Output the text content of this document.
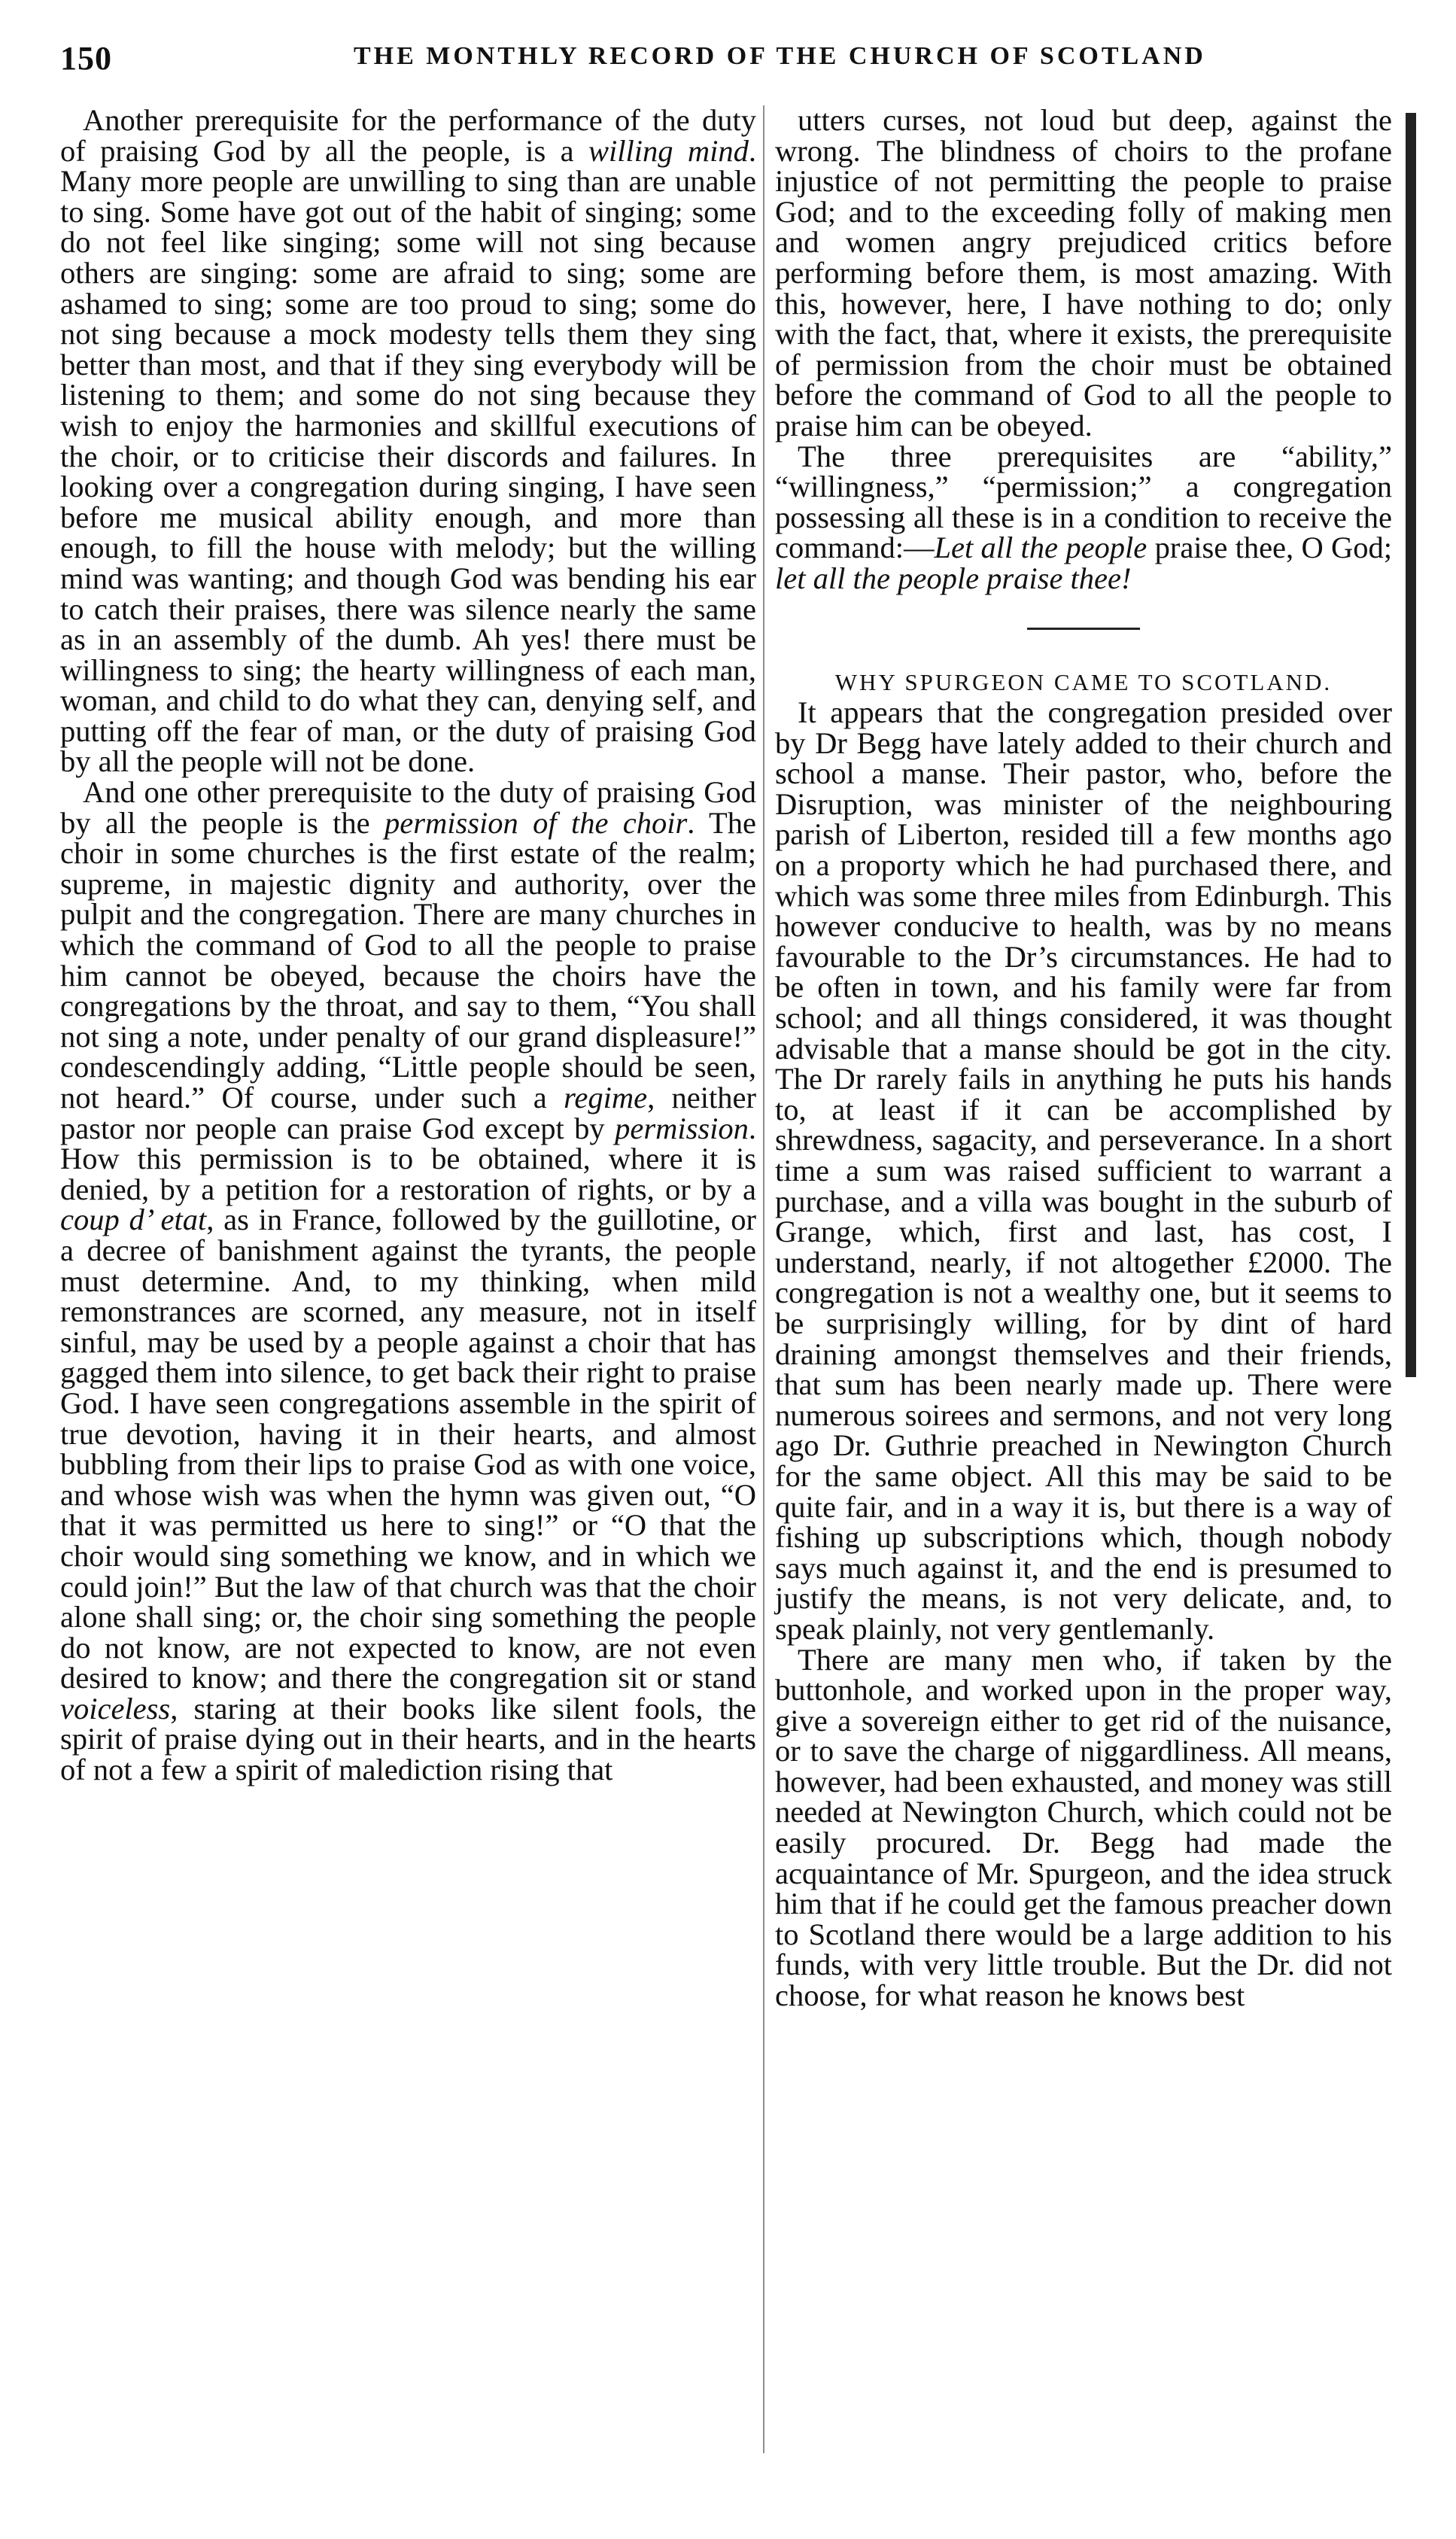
150	THE MONTHLY RECORD OF THE CHURCH OF SCOTLAND

Another prerequisite for the performance of the duty of praising God by all the people, is a willing mind. Many more people are unwilling to sing than are unable to sing. Some have got out of the habit of singing; some do not feel like singing; some will not sing because others are singing: some are afraid to sing; some are ashamed to sing; some are too proud to sing; some do not sing because a mock modesty tells them they sing better than most, and that if they sing everybody will be listening to them; and some do not sing because they wish to enjoy the harmonies and skillful executions of the choir, or to criticise their discords and failures. In looking over a congregation during singing, I have seen before me musical ability enough, and more than enough, to fill the house with melody; but the willing mind was wanting; and though God was bending his ear to catch their praises, there was silence nearly the same as in an assembly of the dumb. Ah yes! there must be willingness to sing; the hearty willingness of each man, woman, and child to do what they can, denying self, and putting off the fear of man, or the duty of praising God by all the people will not be done.

And one other prerequisite to the duty of praising God by all the people is the permission of the choir. The choir in some churches is the first estate of the realm; supreme, in majestic dignity and authority, over the pulpit and the congregation. There are many churches in which the command of God to all the people to praise him cannot be obeyed, because the choirs have the congregations by the throat, and say to them, “You shall not sing a note, under penalty of our grand displeasure!” condescendingly adding, “Little people should be seen, not heard.” Of course, under such a regime, neither pastor nor people can praise God except by permission. How this permission is to be obtained, where it is denied, by a petition for a restoration of rights, or by a coup d’ etat, as in France, followed by the guillotine, or a decree of banishment against the tyrants, the people must determine. And, to my thinking, when mild remonstrances are scorned, any measure, not in itself sinful, may be used by a people against a choir that has gagged them into silence, to get back their right to praise God. I have seen congregations assemble in the spirit of true devotion, having it in their hearts, and almost bubbling from their lips to praise God as with one voice, and whose wish was when the hymn was given out, “O that it was permitted us here to sing!” or “O that the choir would sing something we know, and in which we could join!” But the law of that church was that the choir alone shall sing; or, the choir sing something the people do not know, are not expected to know, are not even desired to know; and there the congregation sit or stand voiceless, staring at their books like silent fools, the spirit of praise dying out in their hearts, and in the hearts of not a few a spirit of malediction rising that

utters curses, not loud but deep, against the wrong. The blindness of choirs to the profane injustice of not permitting the people to praise God; and to the exceeding folly of making men and women angry prejudiced critics before performing before them, is most amazing. With this, however, here, I have nothing to do; only with the fact, that, where it exists, the prerequisite of permission from the choir must be obtained before the command of God to all the people to praise him can be obeyed.

The three prerequisites are “ability,” “willingness,” “permission;” a congregation possessing all these is in a condition to receive the command:—Let all the people praise thee, O God; let all the people praise thee!

WHY SPURGEON CAME TO SCOTLAND.

It appears that the congregation presided over by Dr Begg have lately added to their church and school a manse. Their pastor, who, before the Disruption, was minister of the neighbouring parish of Liberton, resided till a few months ago on a proporty which he had purchased there, and which was some three miles from Edinburgh. This however conducive to health, was by no means favourable to the Dr’s circumstances. He had to be often in town, and his family were far from school; and all things considered, it was thought advisable that a manse should be got in the city. The Dr rarely fails in anything he puts his hands to, at least if it can be accomplished by shrewdness, sagacity, and perseverance. In a short time a sum was raised sufficient to warrant a purchase, and a villa was bought in the suburb of Grange, which, first and last, has cost, I understand, nearly, if not altogether £2000. The congregation is not a wealthy one, but it seems to be surprisingly willing, for by dint of hard draining amongst themselves and their friends, that sum has been nearly made up. There were numerous soirees and sermons, and not very long ago Dr. Guthrie preached in Newington Church for the same object. All this may be said to be quite fair, and in a way it is, but there is a way of fishing up subscriptions which, though nobody says much against it, and the end is presumed to justify the means, is not very delicate, and, to speak plainly, not very gentlemanly.

There are many men who, if taken by the buttonhole, and worked upon in the proper way, give a sovereign either to get rid of the nuisance, or to save the charge of niggardliness. All means, however, had been exhausted, and money was still needed at Newington Church, which could not be easily procured. Dr. Begg had made the acquaintance of Mr. Spurgeon, and the idea struck him that if he could get the famous preacher down to Scotland there would be a large addition to his funds, with very little trouble. But the Dr. did not choose, for what reason he knows best
